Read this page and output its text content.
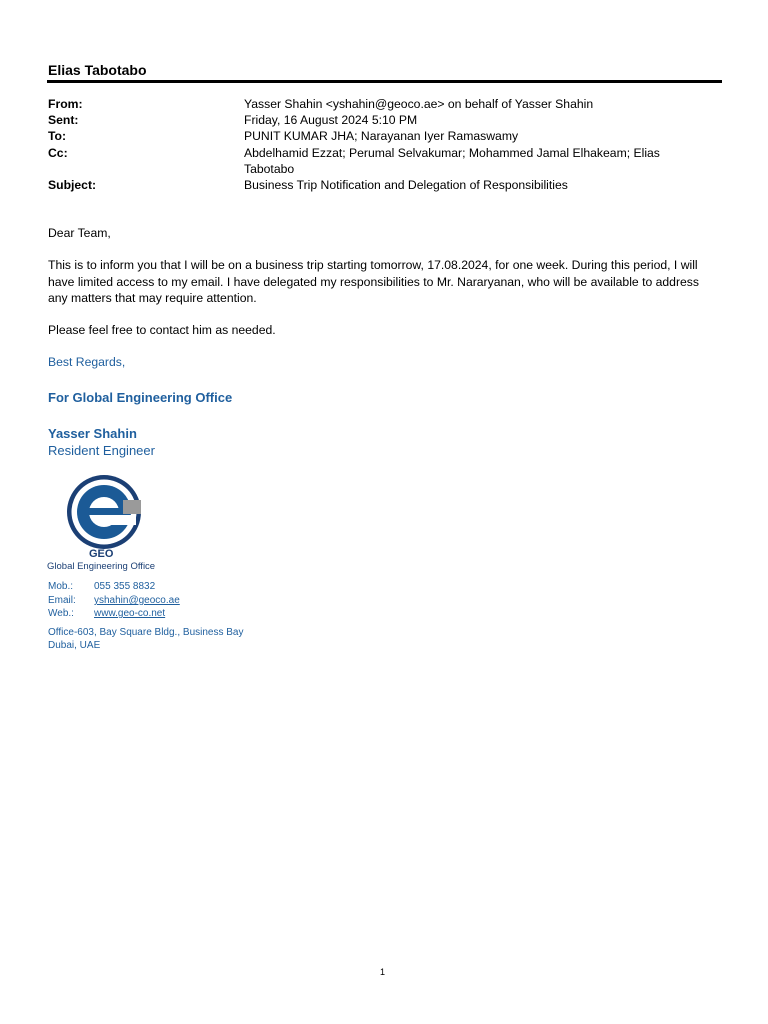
Elias Tabotabo
From:	Yasser Shahin <yshahin@geoco.ae> on behalf of Yasser Shahin
Sent:	Friday, 16 August 2024 5:10 PM
To:	PUNIT KUMAR JHA; Narayanan Iyer Ramaswamy
Cc:	Abdelhamid Ezzat; Perumal Selvakumar; Mohammed Jamal Elhakeam; Elias Tabotabo
Subject:	Business Trip Notification and Delegation of Responsibilities
Dear Team,
This is to inform you that I will be on a business trip starting tomorrow, 17.08.2024, for one week. During this period, I will have limited access to my email. I have delegated my responsibilities to Mr. Nararyanan, who will be available to address any matters that may require attention.
Please feel free to contact him as needed.
Best Regards,
For Global Engineering Office
Yasser Shahin
Resident Engineer
GEO
Global Engineering Office
Mob.:	055 355 8832
Email:	yshahin@geoco.ae
Web.:	www.geo-co.net
Office-603, Bay Square Bldg., Business Bay
Dubai, UAE
1
